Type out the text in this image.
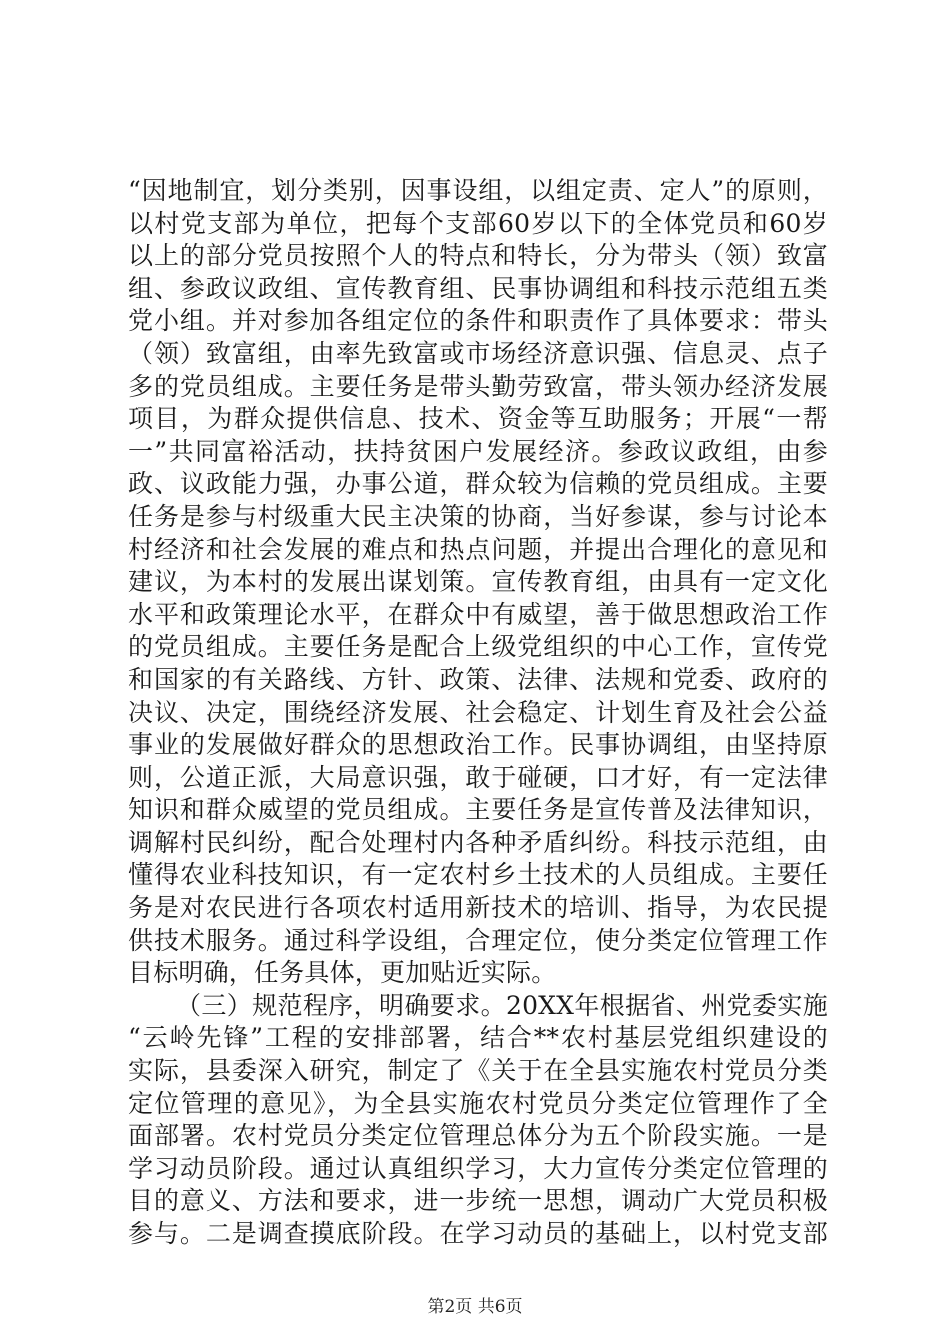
“因地制宜，划分类别，因事设组，以组定责、定人”的原则，
以村党支部为单位，把每个支部60岁以下的全体党员和60岁
以上的部分党员按照个人的特点和特长，分为带头（领）致富
组、参政议政组、宣传教育组、民事协调组和科技示范组五类
党小组。并对参加各组定位的条件和职责作了具体要求：带头
（领）致富组，由率先致富或市场经济意识强、信息灵、点子
多的党员组成。主要任务是带头勤劳致富，带头领办经济发展
项目，为群众提供信息、技术、资金等互助服务；开展“一帮
一”共同富裕活动，扶持贫困户发展经济。参政议政组，由参
政、议政能力强，办事公道，群众较为信赖的党员组成。主要
任务是参与村级重大民主决策的协商，当好参谋，参与讨论本
村经济和社会发展的难点和热点问题，并提出合理化的意见和
建议，为本村的发展出谋划策。宣传教育组，由具有一定文化
水平和政策理论水平，在群众中有威望，善于做思想政治工作
的党员组成。主要任务是配合上级党组织的中心工作，宣传党
和国家的有关路线、方针、政策、法律、法规和党委、政府的
决议、决定，围绕经济发展、社会稳定、计划生育及社会公益
事业的发展做好群众的思想政治工作。民事协调组，由坚持原
则，公道正派，大局意识强，敢于碰硬，口才好，有一定法律
知识和群众威望的党员组成。主要任务是宣传普及法律知识，
调解村民纠纷，配合处理村内各种矛盾纠纷。科技示范组，由
懂得农业科技知识，有一定农村乡土技术的人员组成。主要任
务是对农民进行各项农村适用新技术的培训、指导，为农民提
供技术服务。通过科学设组，合理定位，使分类定位管理工作
目标明确，任务具体，更加贴近实际。
（三）规范程序，明确要求。20XX年根据省、州党委实施
“云岭先锋”工程的安排部署，结合**农村基层党组织建设的
实际，县委深入研究，制定了《关于在全县实施农村党员分类
定位管理的意见》，为全县实施农村党员分类定位管理作了全
面部署。农村党员分类定位管理总体分为五个阶段实施。一是
学习动员阶段。通过认真组织学习，大力宣传分类定位管理的
目的意义、方法和要求，进一步统一思想，调动广大党员积极
参与。二是调查摸底阶段。在学习动员的基础上，以村党支部
第2页 共6页
